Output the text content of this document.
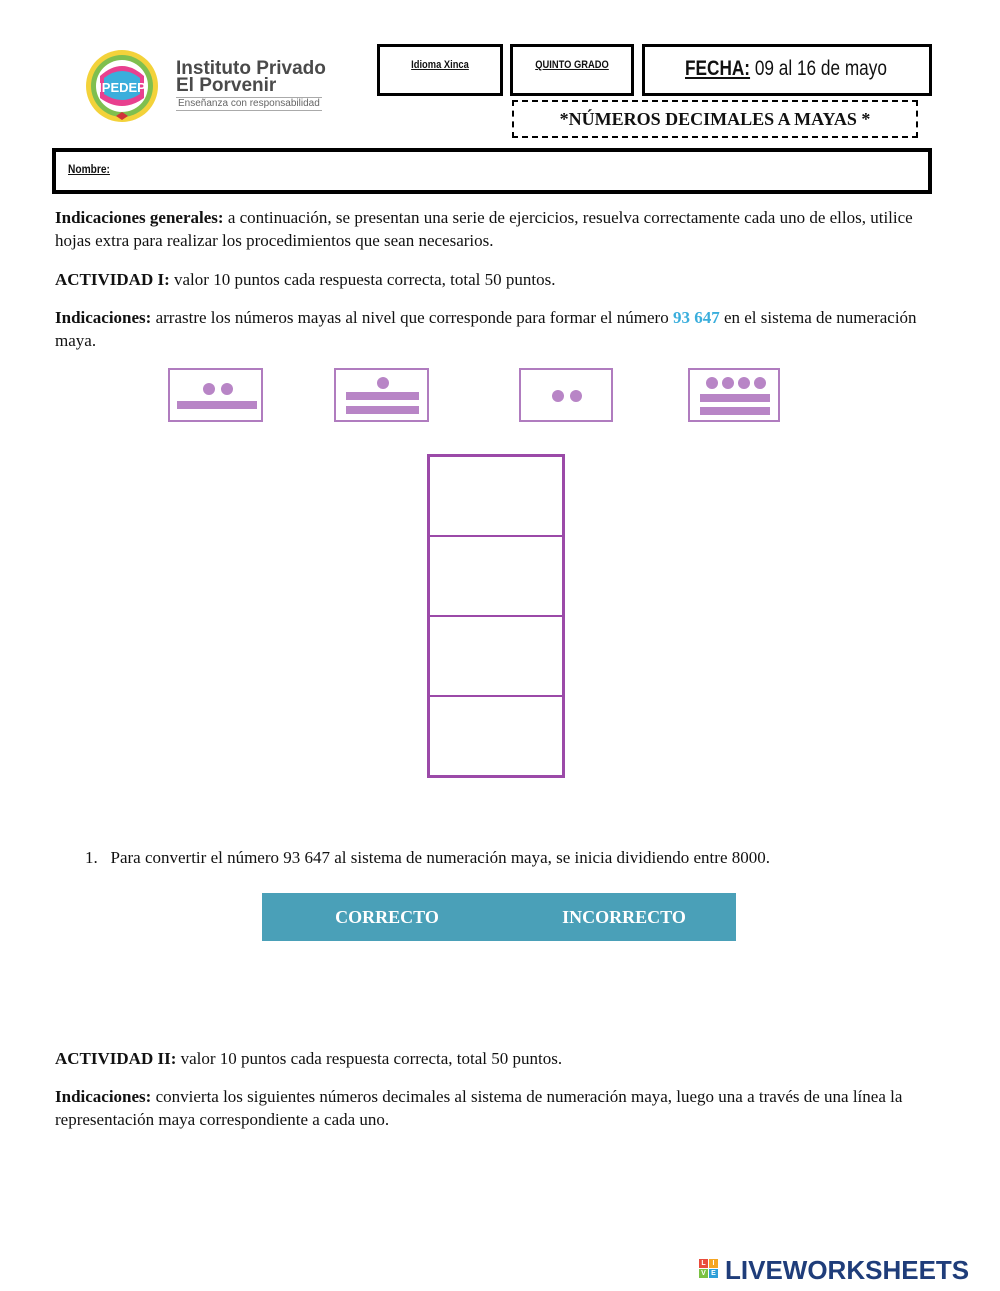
IPEDEP
Instituto Privado
El Porvenir
Enseñanza con responsabilidad
Idioma Xinca	QUINTO GRADO	FECHA: 09 al 16 de mayo
*NÚMEROS DECIMALES A MAYAS *
Nombre:
Indicaciones generales: a continuación, se presentan una serie de ejercicios, resuelva correctamente cada uno de ellos, utilice hojas extra para realizar los procedimientos que sean necesarios.
ACTIVIDAD I: valor 10 puntos cada respuesta correcta, total 50 puntos.
Indicaciones: arrastre los números mayas al nivel que corresponde para formar el número 93 647 en el sistema de numeración maya.
1. Para convertir el número 93 647 al sistema de numeración maya, se inicia dividiendo entre 8000.
CORRECTO	INCORRECTO
ACTIVIDAD II: valor 10 puntos cada respuesta correcta, total 50 puntos.
Indicaciones: convierta los siguientes números decimales al sistema de numeración maya, luego una a través de una línea la representación maya correspondiente a cada uno.
L I
V E LIVEWORKSHEETS
